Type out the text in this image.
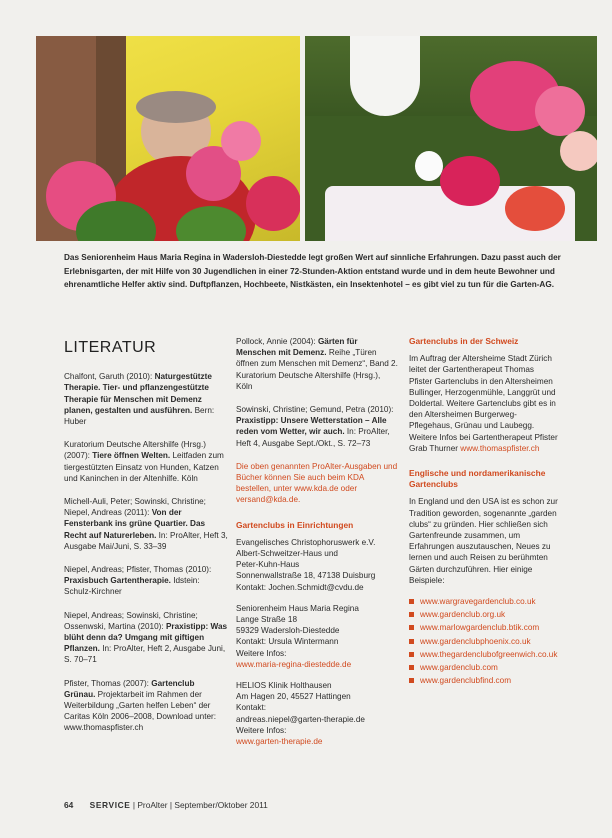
Das Seniorenheim Haus Maria Regina in Wadersloh-Diestedde legt großen Wert auf sinnliche Erfahrungen. Dazu passt auch der Erlebnisgarten, der mit Hilfe von 30 Jugendlichen in einer 72-Stunden-Aktion entstand wurde und in dem heute Bewohner und ehrenamtliche Helfer aktiv sind. Duftpflanzen, Hochbeete, Nistkästen, ein Insektenhotel – es gibt viel zu tun für die Garten-AG.
LITERATUR
Chalfont, Garuth (2010): Naturgestützte Therapie. Tier- und pflanzengestützte Therapie für Menschen mit Demenz planen, gestalten und ausführen. Bern: Huber
Kuratorium Deutsche Altershilfe (Hrsg.) (2007): Tiere öffnen Welten. Leitfaden zum tiergestützten Einsatz von Hunden, Katzen und Kaninchen in der Altenhilfe. Köln
Michell-Auli, Peter; Sowinski, Christine; Niepel, Andreas (2011): Von der Fensterbank ins grüne Quartier. Das Recht auf Naturerleben. In: ProAlter, Heft 3, Ausgabe Mai/Juni, S. 33–39
Niepel, Andreas; Pfister, Thomas (2010): Praxisbuch Gartentherapie. Idstein: Schulz-Kirchner
Niepel, Andreas; Sowinski, Christine; Ossenwski, Martina (2010): Praxistipp: Was blüht denn da? Umgang mit giftigen Pflanzen. In: ProAlter, Heft 2, Ausgabe Juni, S. 70–71
Pfister, Thomas (2007): Gartenclub Grünau. Projektarbeit im Rahmen der Weiterbildung „Garten helfen Leben“ der Caritas Köln 2006–2008, Download unter: www.thomaspfister.ch
Pollock, Annie (2004): Gärten für Menschen mit Demenz. Reihe „Türen öffnen zum Menschen mit Demenz“, Band 2. Kuratorium Deutsche Altershilfe (Hrsg.), Köln
Sowinski, Christine; Gemund, Petra (2010): Praxistipp: Unsere Wetterstation – Alle reden vom Wetter, wir auch. In: ProAlter, Heft 4, Ausgabe Sept./Okt., S. 72–73
Die oben genannten ProAlter-Ausgaben und Bücher können Sie auch beim KDA bestellen, unter www.kda.de oder versand@kda.de.
Gartenclubs in Einrichtungen
Evangelisches Christophoruswerk e.V.
Albert-Schweitzer-Haus und
Peter-Kuhn-Haus
Sonnenwallstraße 18, 47138 Duisburg
Kontakt: Jochen.Schmidt@cvdu.de
Seniorenheim Haus Maria Regina
Lange Straße 18
59329 Wadersloh-Diestedde
Kontakt: Ursula Wintermann
Weitere Infos:
www.maria-regina-diestedde.de
HELIOS Klinik Holthausen
Am Hagen 20, 45527 Hattingen
Kontakt:
andreas.niepel@garten-therapie.de
Weitere Infos:
www.garten-therapie.de
Gartenclubs in der Schweiz
Im Auftrag der Altersheime Stadt Zürich leitet der Gartentherapeut Thomas Pfister Gartenclubs in den Altersheimen Bullinger, Herzogenmühle, Langgrüt und Doldertal. Weitere Gartenclubs gibt es in den Altersheimen Burgerweg-Pflegehaus, Grünau und Laubegg. Weitere Infos bei Gartentherapeut Pfister Grab Thurner www.thomaspfister.ch
Englische und nordamerikanische Gartenclubs
In England und den USA ist es schon zur Tradition geworden, sogenannte „garden clubs“ zu gründen. Hier schließen sich Gartenfreunde zusammen, um Erfahrungen auszutauschen, Neues zu lernen und auch Reisen zu berühmten Gärten durchzuführen. Hier einige Beispiele:
www.wargravegardenclub.co.uk
www.gardenclub.org.uk
www.marlowgardenclub.btik.com
www.gardenclubphoenix.co.uk
www.thegardenclubofgreenwich.co.uk
www.gardenclub.com
www.gardenclubfind.com
64 SERVICE | ProAlter | September/Oktober 2011
